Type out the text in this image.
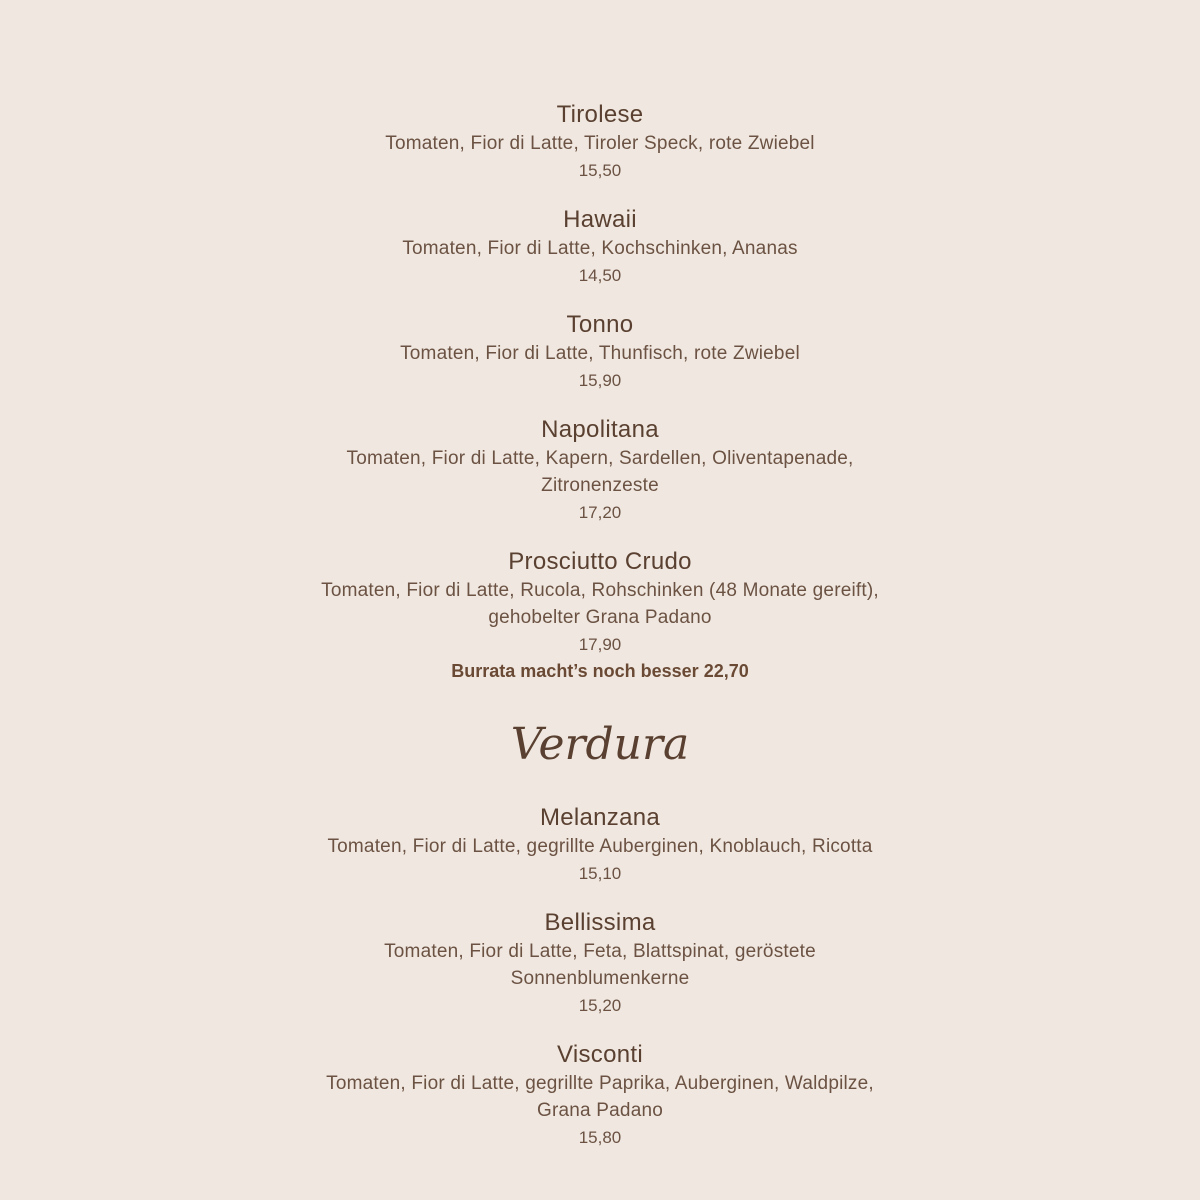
Tirolese
Tomaten, Fior di Latte, Tiroler Speck, rote Zwiebel
15,50
Hawaii
Tomaten, Fior di Latte, Kochschinken, Ananas
14,50
Tonno
Tomaten, Fior di Latte, Thunfisch, rote Zwiebel
15,90
Napolitana
Tomaten, Fior di Latte, Kapern, Sardellen, Oliventapenade,
Zitronenzeste
17,20
Prosciutto Crudo
Tomaten, Fior di Latte, Rucola, Rohschinken (48 Monate gereift),
gehobelter Grana Padano
17,90
Burrata macht’s noch besser 22,70
Verdura
Melanzana
Tomaten, Fior di Latte, gegrillte Auberginen, Knoblauch, Ricotta
15,10
Bellissima
Tomaten, Fior di Latte, Feta, Blattspinat, geröstete
Sonnenblumenkerne
15,20
Visconti
Tomaten, Fior di Latte, gegrillte Paprika, Auberginen, Waldpilze,
Grana Padano
15,80
